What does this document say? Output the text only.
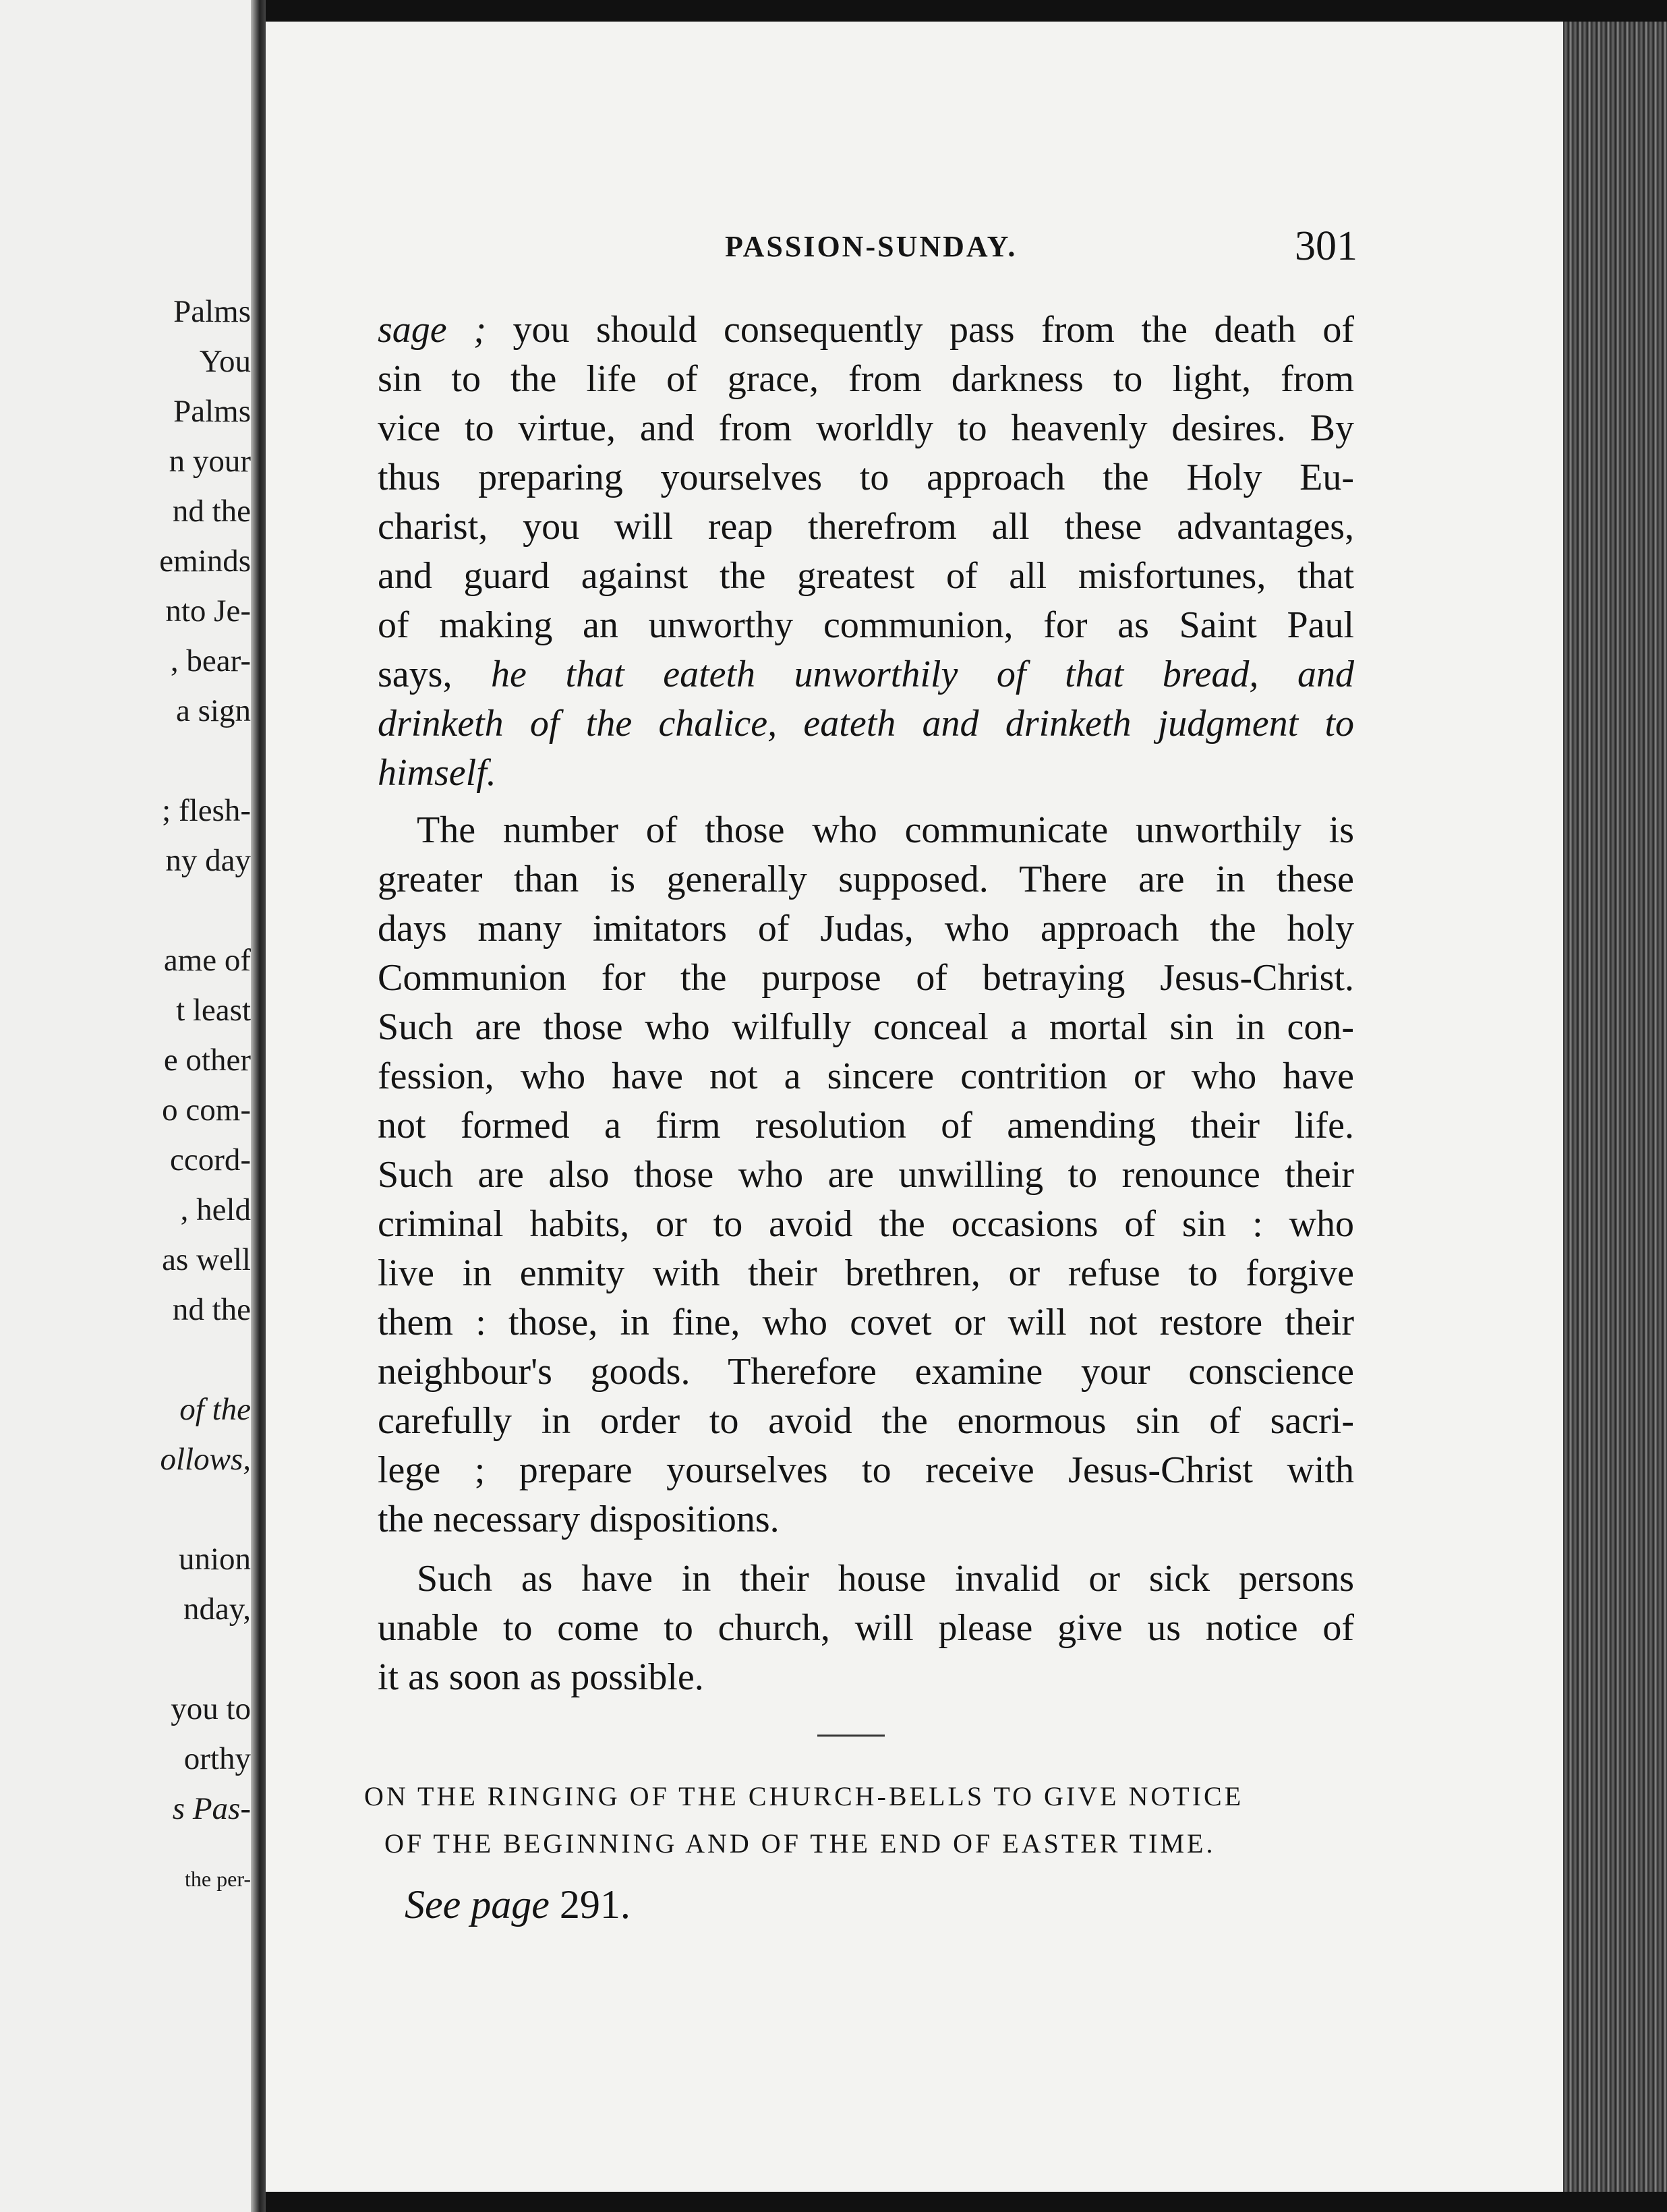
Palms

You

Palms

n your

nd the

eminds

nto Je-

, bear-

a sign

; flesh-

ny day

ame of

t least

e other

o com-

ccord-

, held

as well

nd the

of the

ollows,

union

nday,

you to

orthy

s Pas-

the per-

PASSION-SUNDAY.	301

sage ; you should consequently pass from the death of

sin to the life of grace, from darkness to light, from

vice to virtue, and from worldly to heavenly desires. By

thus preparing yourselves to approach the Holy Eu-

charist, you will reap therefrom all these advantages,

and guard against the greatest of all misfortunes, that

of making an unworthy communion, for as Saint Paul

says, he that eateth unworthily of that bread, and

drinketh of the chalice, eateth and drinketh judgment to

himself.

The number of those who communicate unworthily is

greater than is generally supposed. There are in these

days many imitators of Judas, who approach the holy

Communion for the purpose of betraying Jesus-Christ.

Such are those who wilfully conceal a mortal sin in con-

fession, who have not a sincere contrition or who have

not formed a firm resolution of amending their life.

Such are also those who are unwilling to renounce their

criminal habits, or to avoid the occasions of sin : who

live in enmity with their brethren, or refuse to forgive

them : those, in fine, who covet or will not restore their

neighbour's goods. Therefore examine your conscience

carefully in order to avoid the enormous sin of sacri-

lege ; prepare yourselves to receive Jesus-Christ with

the necessary dispositions.

Such as have in their house invalid or sick persons

unable to come to church, will please give us notice of

it as soon as possible.

ON THE RINGING OF THE CHURCH-BELLS TO GIVE NOTICE

OF THE BEGINNING AND OF THE END OF EASTER TIME.

See page 291.
